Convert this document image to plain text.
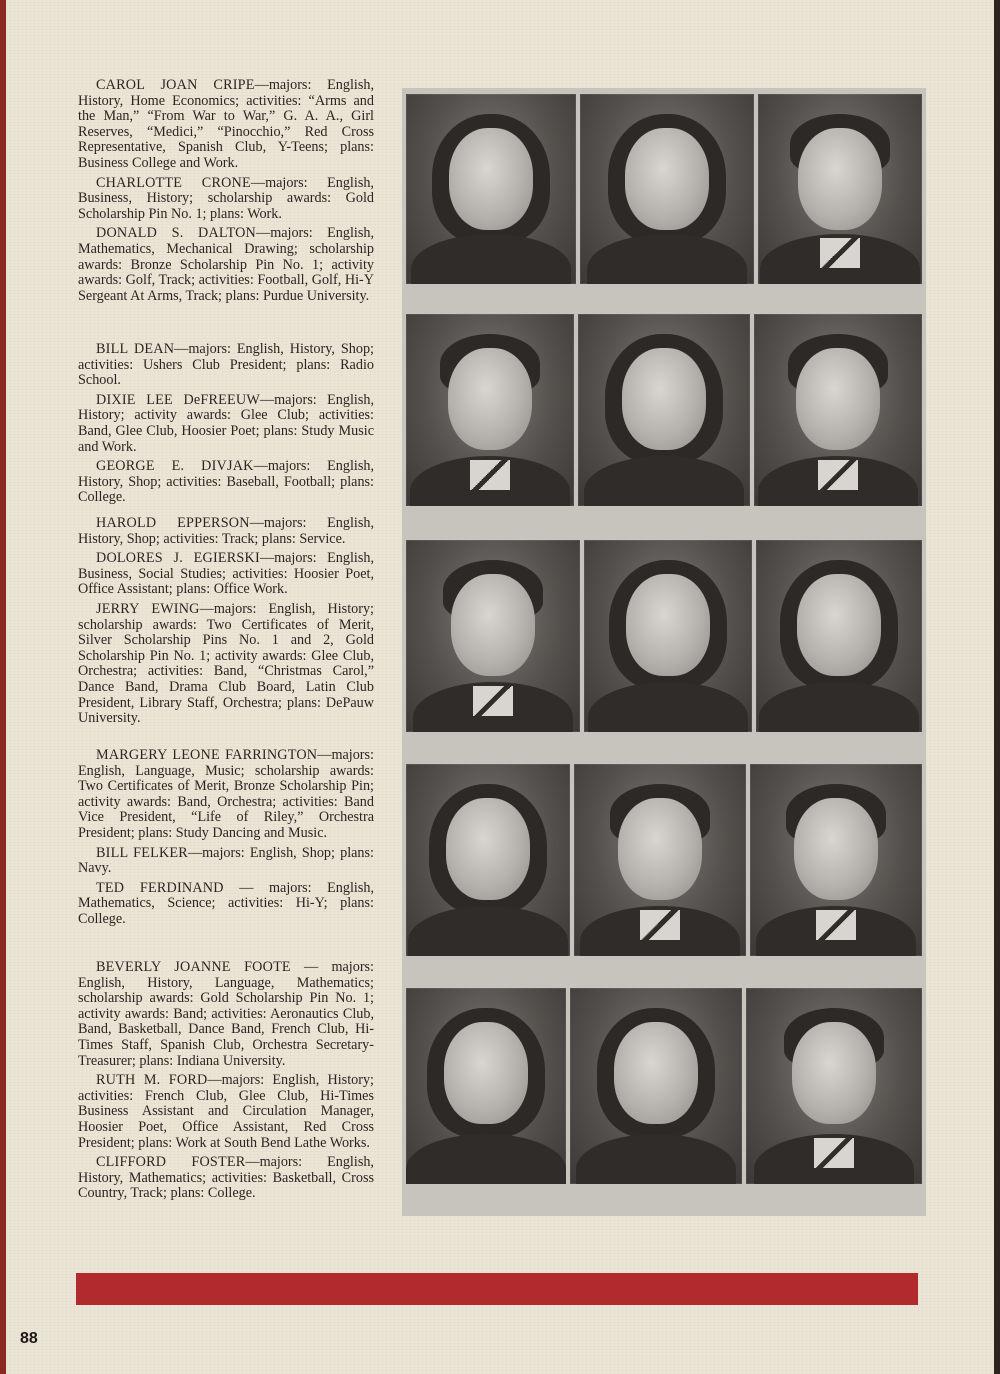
CAROL JOAN CRIPE—majors: English, History, Home Economics; activities: “Arms and the Man,” “From War to War,” G. A. A., Girl Reserves, “Medici,” “Pinocchio,” Red Cross Representative, Spanish Club, Y-Teens; plans: Business College and Work.

CHARLOTTE CRONE—majors: English, Business, History; scholarship awards: Gold Scholarship Pin No. 1; plans: Work.

DONALD S. DALTON—majors: English, Mathematics, Mechanical Drawing; scholarship awards: Bronze Scholarship Pin No. 1; activity awards: Golf, Track; activities: Football, Golf, Hi-Y Sergeant At Arms, Track; plans: Purdue University.

BILL DEAN—majors: English, History, Shop; activities: Ushers Club President; plans: Radio School.

DIXIE LEE DeFREEUW—majors: English, History; activity awards: Glee Club; activities: Band, Glee Club, Hoosier Poet; plans: Study Music and Work.

GEORGE E. DIVJAK—majors: English, History, Shop; activities: Baseball, Football; plans: College.

HAROLD EPPERSON—majors: English, History, Shop; activities: Track; plans: Service.

DOLORES J. EGIERSKI—majors: English, Business, Social Studies; activities: Hoosier Poet, Office Assistant; plans: Office Work.

JERRY EWING—majors: English, History; scholarship awards: Two Certificates of Merit, Silver Scholarship Pins No. 1 and 2, Gold Scholarship Pin No. 1; activity awards: Glee Club, Orchestra; activities: Band, “Christmas Carol,” Dance Band, Drama Club Board, Latin Club President, Library Staff, Orchestra; plans: DePauw University.

MARGERY LEONE FARRINGTON—majors: English, Language, Music; scholarship awards: Two Certificates of Merit, Bronze Scholarship Pin; activity awards: Band, Orchestra; activities: Band Vice President, “Life of Riley,” Orchestra President; plans: Study Dancing and Music.

BILL FELKER—majors: English, Shop; plans: Navy.

TED FERDINAND — majors: English, Mathematics, Science; activities: Hi-Y; plans: College.

BEVERLY JOANNE FOOTE — majors: English, History, Language, Mathematics; scholarship awards: Gold Scholarship Pin No. 1; activity awards: Band; activities: Aeronautics Club, Band, Basketball, Dance Band, French Club, Hi-Times Staff, Spanish Club, Orchestra Secretary-Treasurer; plans: Indiana University.

RUTH M. FORD—majors: English, History; activities: French Club, Glee Club, Hi-Times Business Assistant and Circulation Manager, Hoosier Poet, Office Assistant, Red Cross President; plans: Work at South Bend Lathe Works.

CLIFFORD FOSTER—majors: English, History, Mathematics; activities: Basketball, Cross Country, Track; plans: College.

88
